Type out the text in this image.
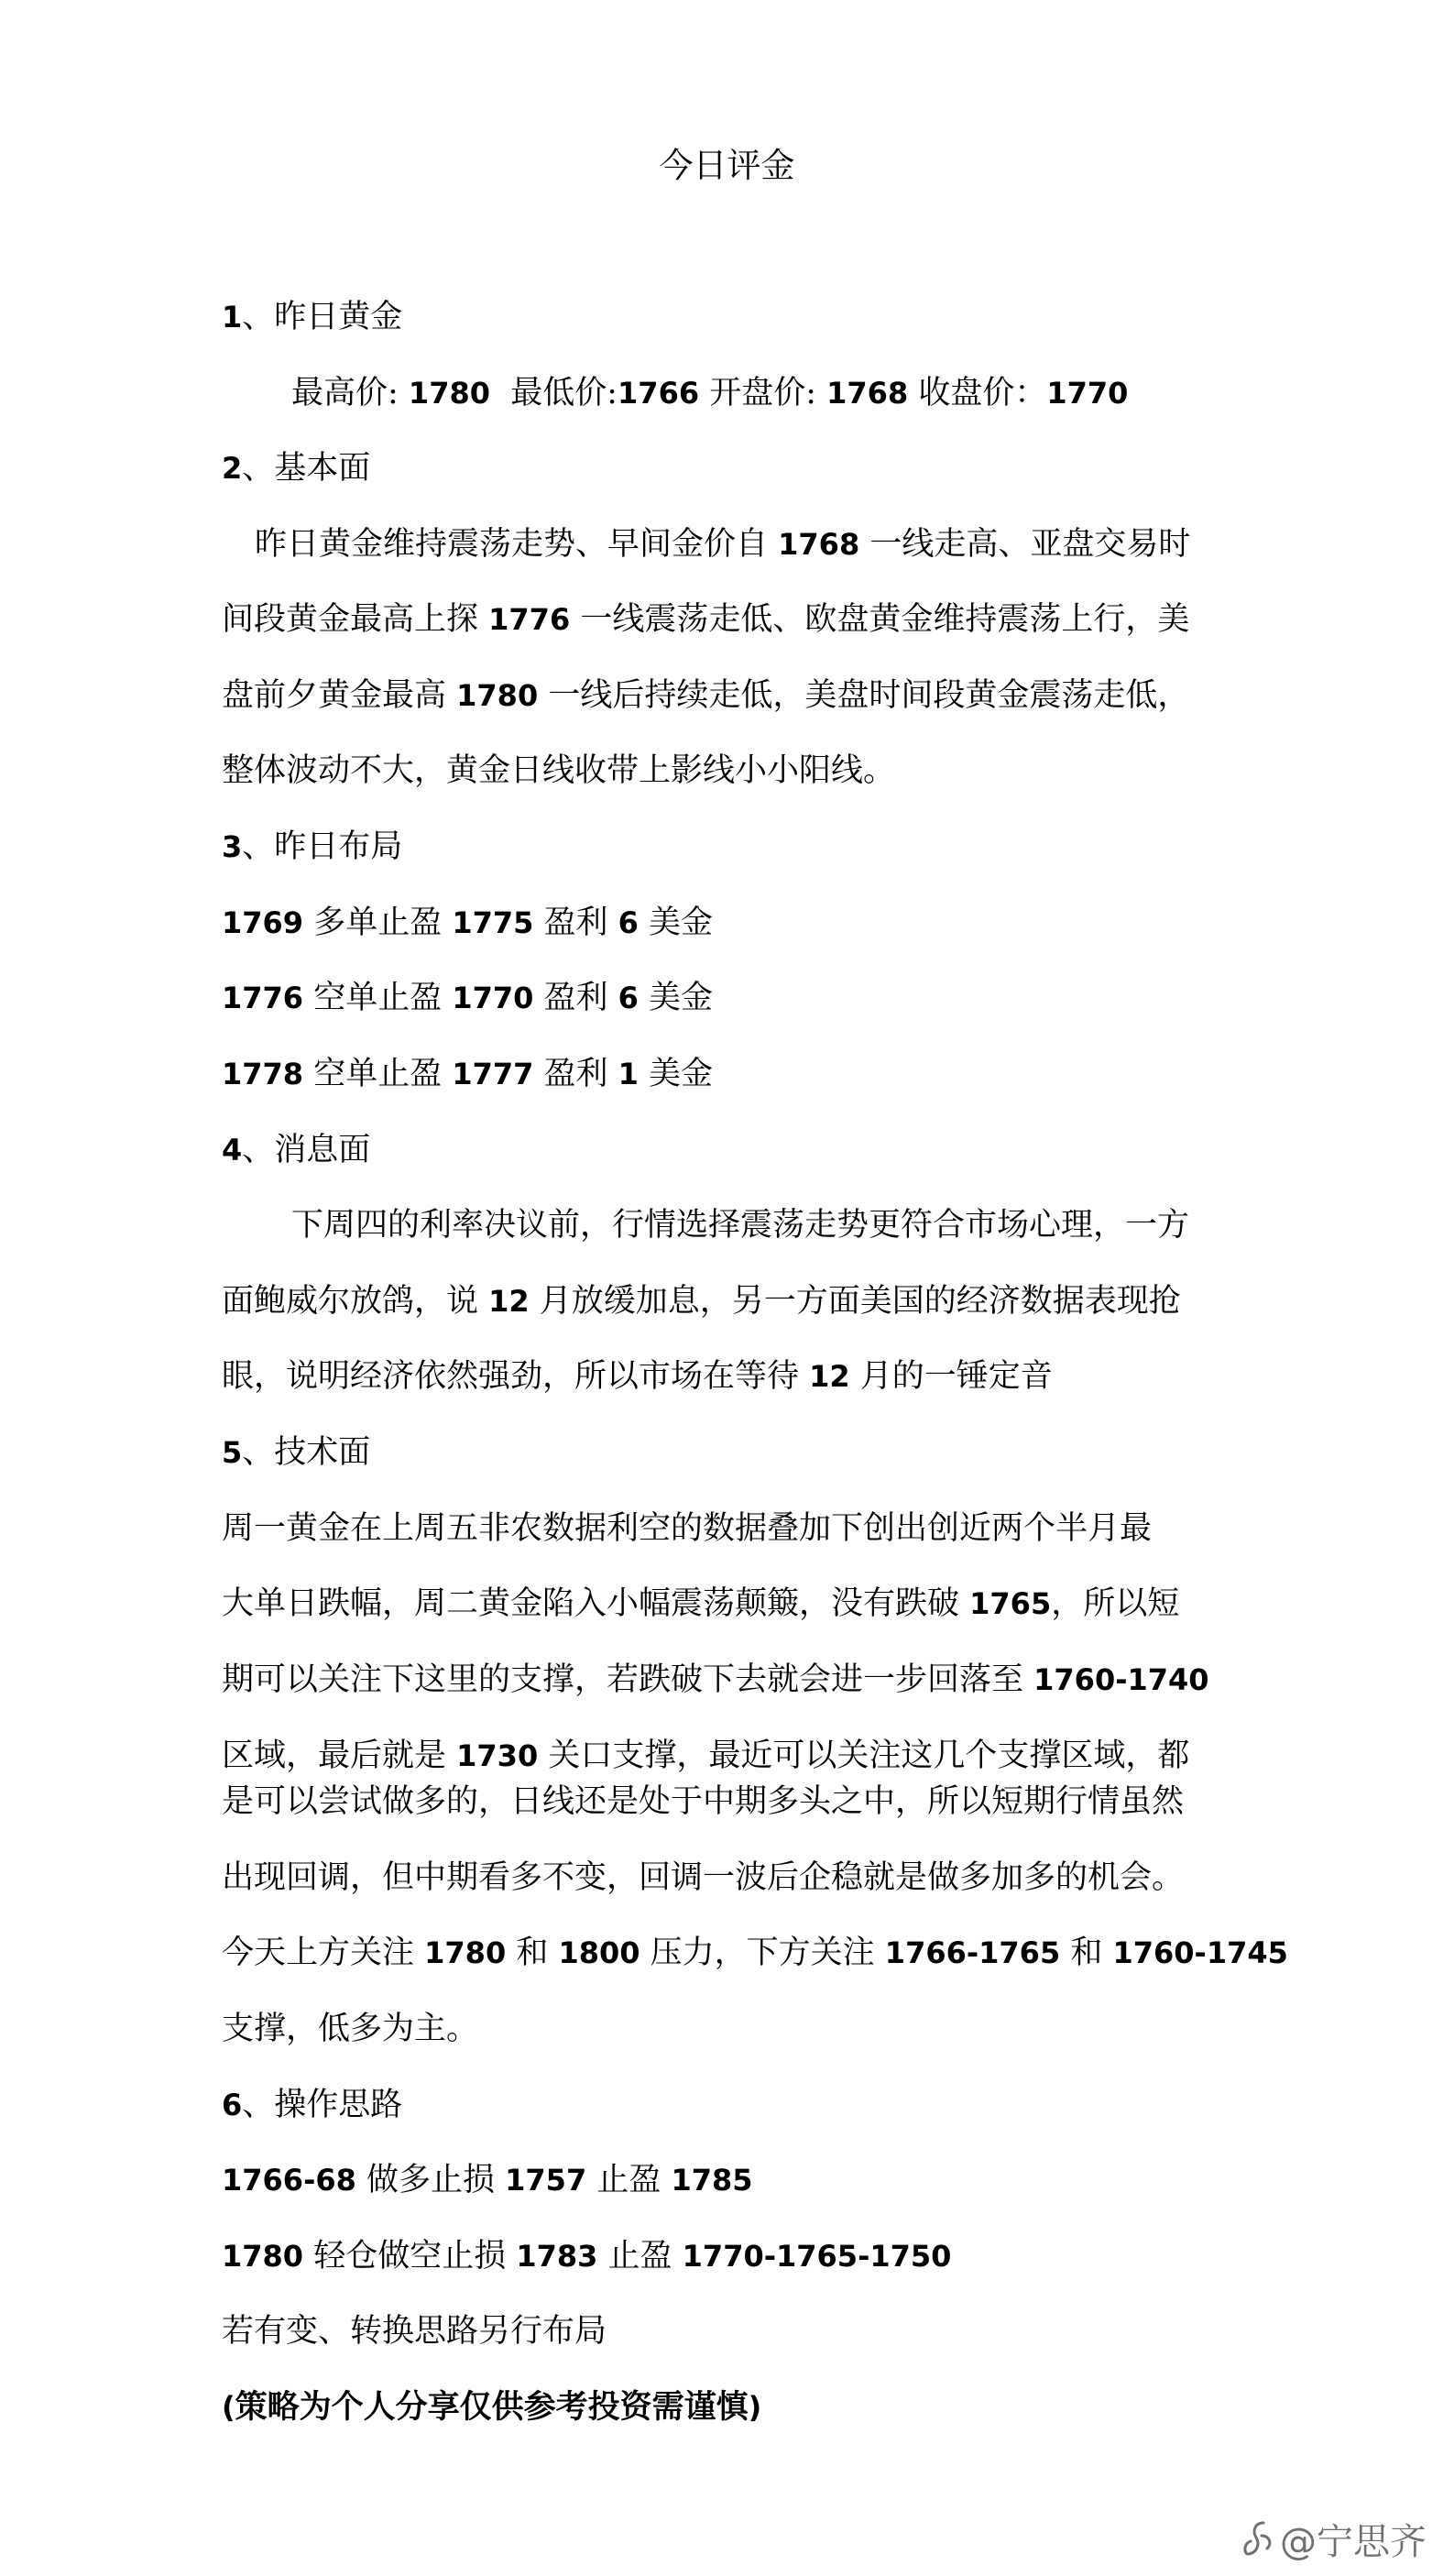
今日评金
1、昨日黄金
最高价: 1780  最低价:1766 开盘价: 1768 收盘价：1770
2、基本面
昨日黄金维持震荡走势、早间金价自 1768 一线走高、亚盘交易时
间段黄金最高上探 1776 一线震荡走低、欧盘黄金维持震荡上行，美
盘前夕黄金最高 1780 一线后持续走低，美盘时间段黄金震荡走低，
整体波动不大，黄金日线收带上影线小小阳线。
3、昨日布局
1769 多单止盈 1775 盈利 6 美金
1776 空单止盈 1770 盈利 6 美金
1778 空单止盈 1777 盈利 1 美金
4、消息面
下周四的利率决议前，行情选择震荡走势更符合市场心理，一方
面鲍威尔放鸽，说 12 月放缓加息，另一方面美国的经济数据表现抢
眼，说明经济依然强劲，所以市场在等待 12 月的一锤定音
5、技术面
周一黄金在上周五非农数据利空的数据叠加下创出创近两个半月最
大单日跌幅，周二黄金陷入小幅震荡颠簸，没有跌破 1765，所以短
期可以关注下这里的支撑，若跌破下去就会进一步回落至 1760-1740
区域，最后就是 1730 关口支撑，最近可以关注这几个支撑区域，都
是可以尝试做多的，日线还是处于中期多头之中，所以短期行情虽然
出现回调，但中期看多不变，回调一波后企稳就是做多加多的机会。
今天上方关注 1780 和 1800 压力，下方关注 1766-1765 和 1760-1745
支撑，低多为主。
6、操作思路
1766-68 做多止损 1757 止盈 1785
1780 轻仓做空止损 1783 止盈 1770-1765-1750
若有变、转换思路另行布局
(策略为个人分享仅供参考投资需谨慎)
@宁思齐
